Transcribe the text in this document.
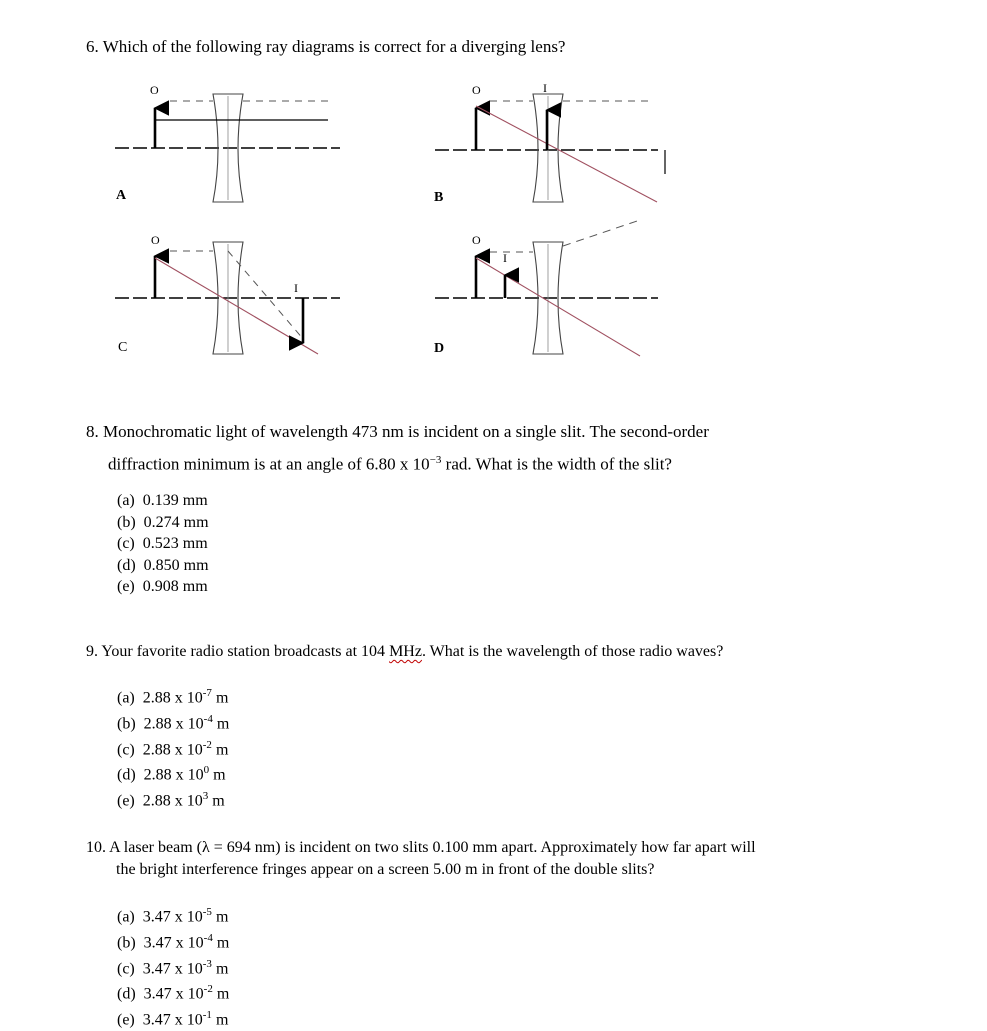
6. Which of the following ray diagrams is correct for a diverging lens?
O	O	I
O
I
O
I
A	B
C	D
8. Monochromatic light of wavelength 473 nm is incident on a single slit. The second-order
diffraction minimum is at an angle of 6.80 x $10^{-3}$ rad. What is the width of the slit?
(a) 0.139 mm
(b) 0.274 mm
(c) 0.523 mm
(d) 0.850 mm
(e) 0.908 mm
9. Your favorite radio station broadcasts at 104 MHz. What is the wavelength of those radio waves?
(a) 2.88 x $10^{-7}$ m
(b) 2.88 x $10^{-4}$ m
(c) 2.88 x $10^{-2}$ m
(d) 2.88 x $10^0$ m
(e) 2.88 x $10^3$ m
10. A laser beam (λ = 694 nm) is incident on two slits 0.100 mm apart. Approximately how far apart will
the bright interference fringes appear on a screen 5.00 m in front of the double slits?
(a) 3.47 x $10^{-5}$ m
(b) 3.47 x $10^{-4}$ m
(c) 3.47 x $10^{-3}$ m
(d) 3.47 x $10^{-2}$ m
(e) 3.47 x $10^{-1}$ m
